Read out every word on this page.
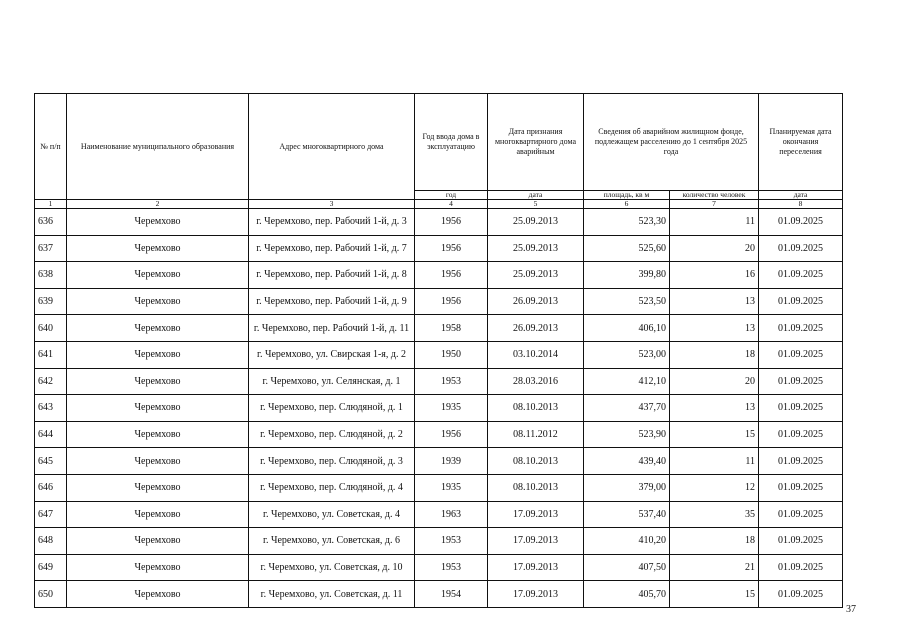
№ п/п	Наименование муниципального образования	Адрес многоквартирного дома	Год ввода дома в эксплуатацию	Дата признания многоквартирного дома аварийным	Сведения об аварийном жилищном фонде, подлежащем расселению до 1 сентября 2025 года		Планируемая дата окончания переселения
			год	дата	площадь, кв м	количество человек	дата
1	2	3	4	5	6	7	8
636	Черемхово	г. Черемхово, пер. Рабочий 1-й, д. 3	1956	25.09.2013	523,30	11	01.09.2025
637	Черемхово	г. Черемхово, пер. Рабочий 1-й, д. 7	1956	25.09.2013	525,60	20	01.09.2025
638	Черемхово	г. Черемхово, пер. Рабочий 1-й, д. 8	1956	25.09.2013	399,80	16	01.09.2025
639	Черемхово	г. Черемхово, пер. Рабочий 1-й, д. 9	1956	26.09.2013	523,50	13	01.09.2025
640	Черемхово	г. Черемхово, пер. Рабочий 1-й, д. 11	1958	26.09.2013	406,10	13	01.09.2025
641	Черемхово	г. Черемхово, ул. Свирская 1-я, д. 2	1950	03.10.2014	523,00	18	01.09.2025
642	Черемхово	г. Черемхово, ул. Селянская, д. 1	1953	28.03.2016	412,10	20	01.09.2025
643	Черемхово	г. Черемхово, пер. Слюдяной, д. 1	1935	08.10.2013	437,70	13	01.09.2025
644	Черемхово	г. Черемхово, пер. Слюдяной, д. 2	1956	08.11.2012	523,90	15	01.09.2025
645	Черемхово	г. Черемхово, пер. Слюдяной, д. 3	1939	08.10.2013	439,40	11	01.09.2025
646	Черемхово	г. Черемхово, пер. Слюдяной, д. 4	1935	08.10.2013	379,00	12	01.09.2025
647	Черемхово	г. Черемхово, ул. Советская, д. 4	1963	17.09.2013	537,40	35	01.09.2025
648	Черемхово	г. Черемхово, ул. Советская, д. 6	1953	17.09.2013	410,20	18	01.09.2025
649	Черемхово	г. Черемхово, ул. Советская, д. 10	1953	17.09.2013	407,50	21	01.09.2025
650	Черемхово	г. Черемхово, ул. Советская, д. 11	1954	17.09.2013	405,70	15	01.09.2025
37
